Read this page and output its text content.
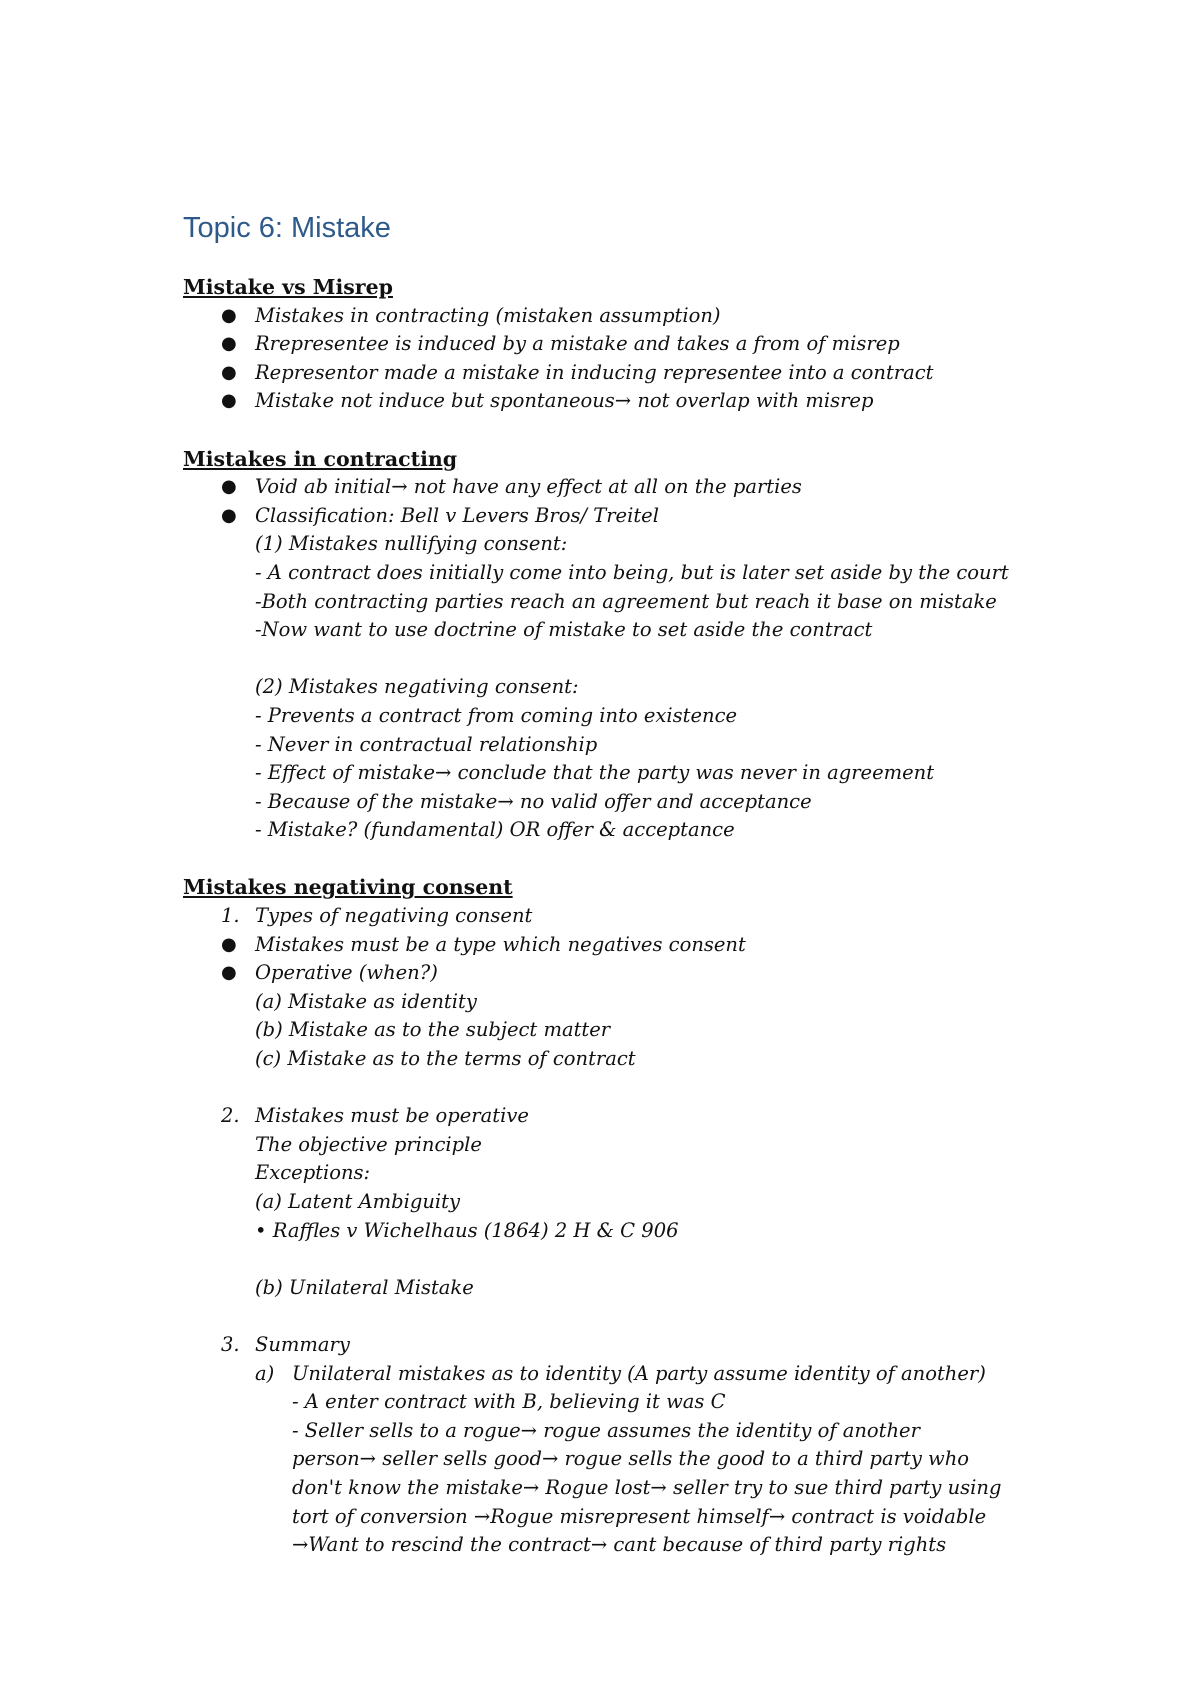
Topic 6: Mistake
Mistake vs Misrep
● Mistakes in contracting (mistaken assumption)
● Rrepresentee is induced by a mistake and takes a from of misrep
● Representor made a mistake in inducing representee into a contract
● Mistake not induce but spontaneous→ not overlap with misrep
Mistakes in contracting
● Void ab initial→ not have any effect at all on the parties
● Classification: Bell v Levers Bros/ Treitel
(1) Mistakes nullifying consent:
- A contract does initially come into being, but is later set aside by the court
-Both contracting parties reach an agreement but reach it base on mistake
-Now want to use doctrine of mistake to set aside the contract
(2) Mistakes negativing consent:
- Prevents a contract from coming into existence
- Never in contractual relationship
- Effect of mistake→ conclude that the party was never in agreement
- Because of the mistake→ no valid offer and acceptance
- Mistake? (fundamental) OR offer & acceptance
Mistakes negativing consent
1. Types of negativing consent
● Mistakes must be a type which negatives consent
● Operative (when?)
(a) Mistake as identity
(b) Mistake as to the subject matter
(c) Mistake as to the terms of contract
2. Mistakes must be operative
The objective principle
Exceptions:
(a) Latent Ambiguity
• Raffles v Wichelhaus (1864) 2 H & C 906
(b) Unilateral Mistake
3. Summary
a) Unilateral mistakes as to identity (A party assume identity of another)
- A enter contract with B, believing it was C
- Seller sells to a rogue→ rogue assumes the identity of another
person→ seller sells good→ rogue sells the good to a third party who
don't know the mistake→ Rogue lost→ seller try to sue third party using
tort of conversion →Rogue misrepresent himself→ contract is voidable
→Want to rescind the contract→ cant because of third party rights
